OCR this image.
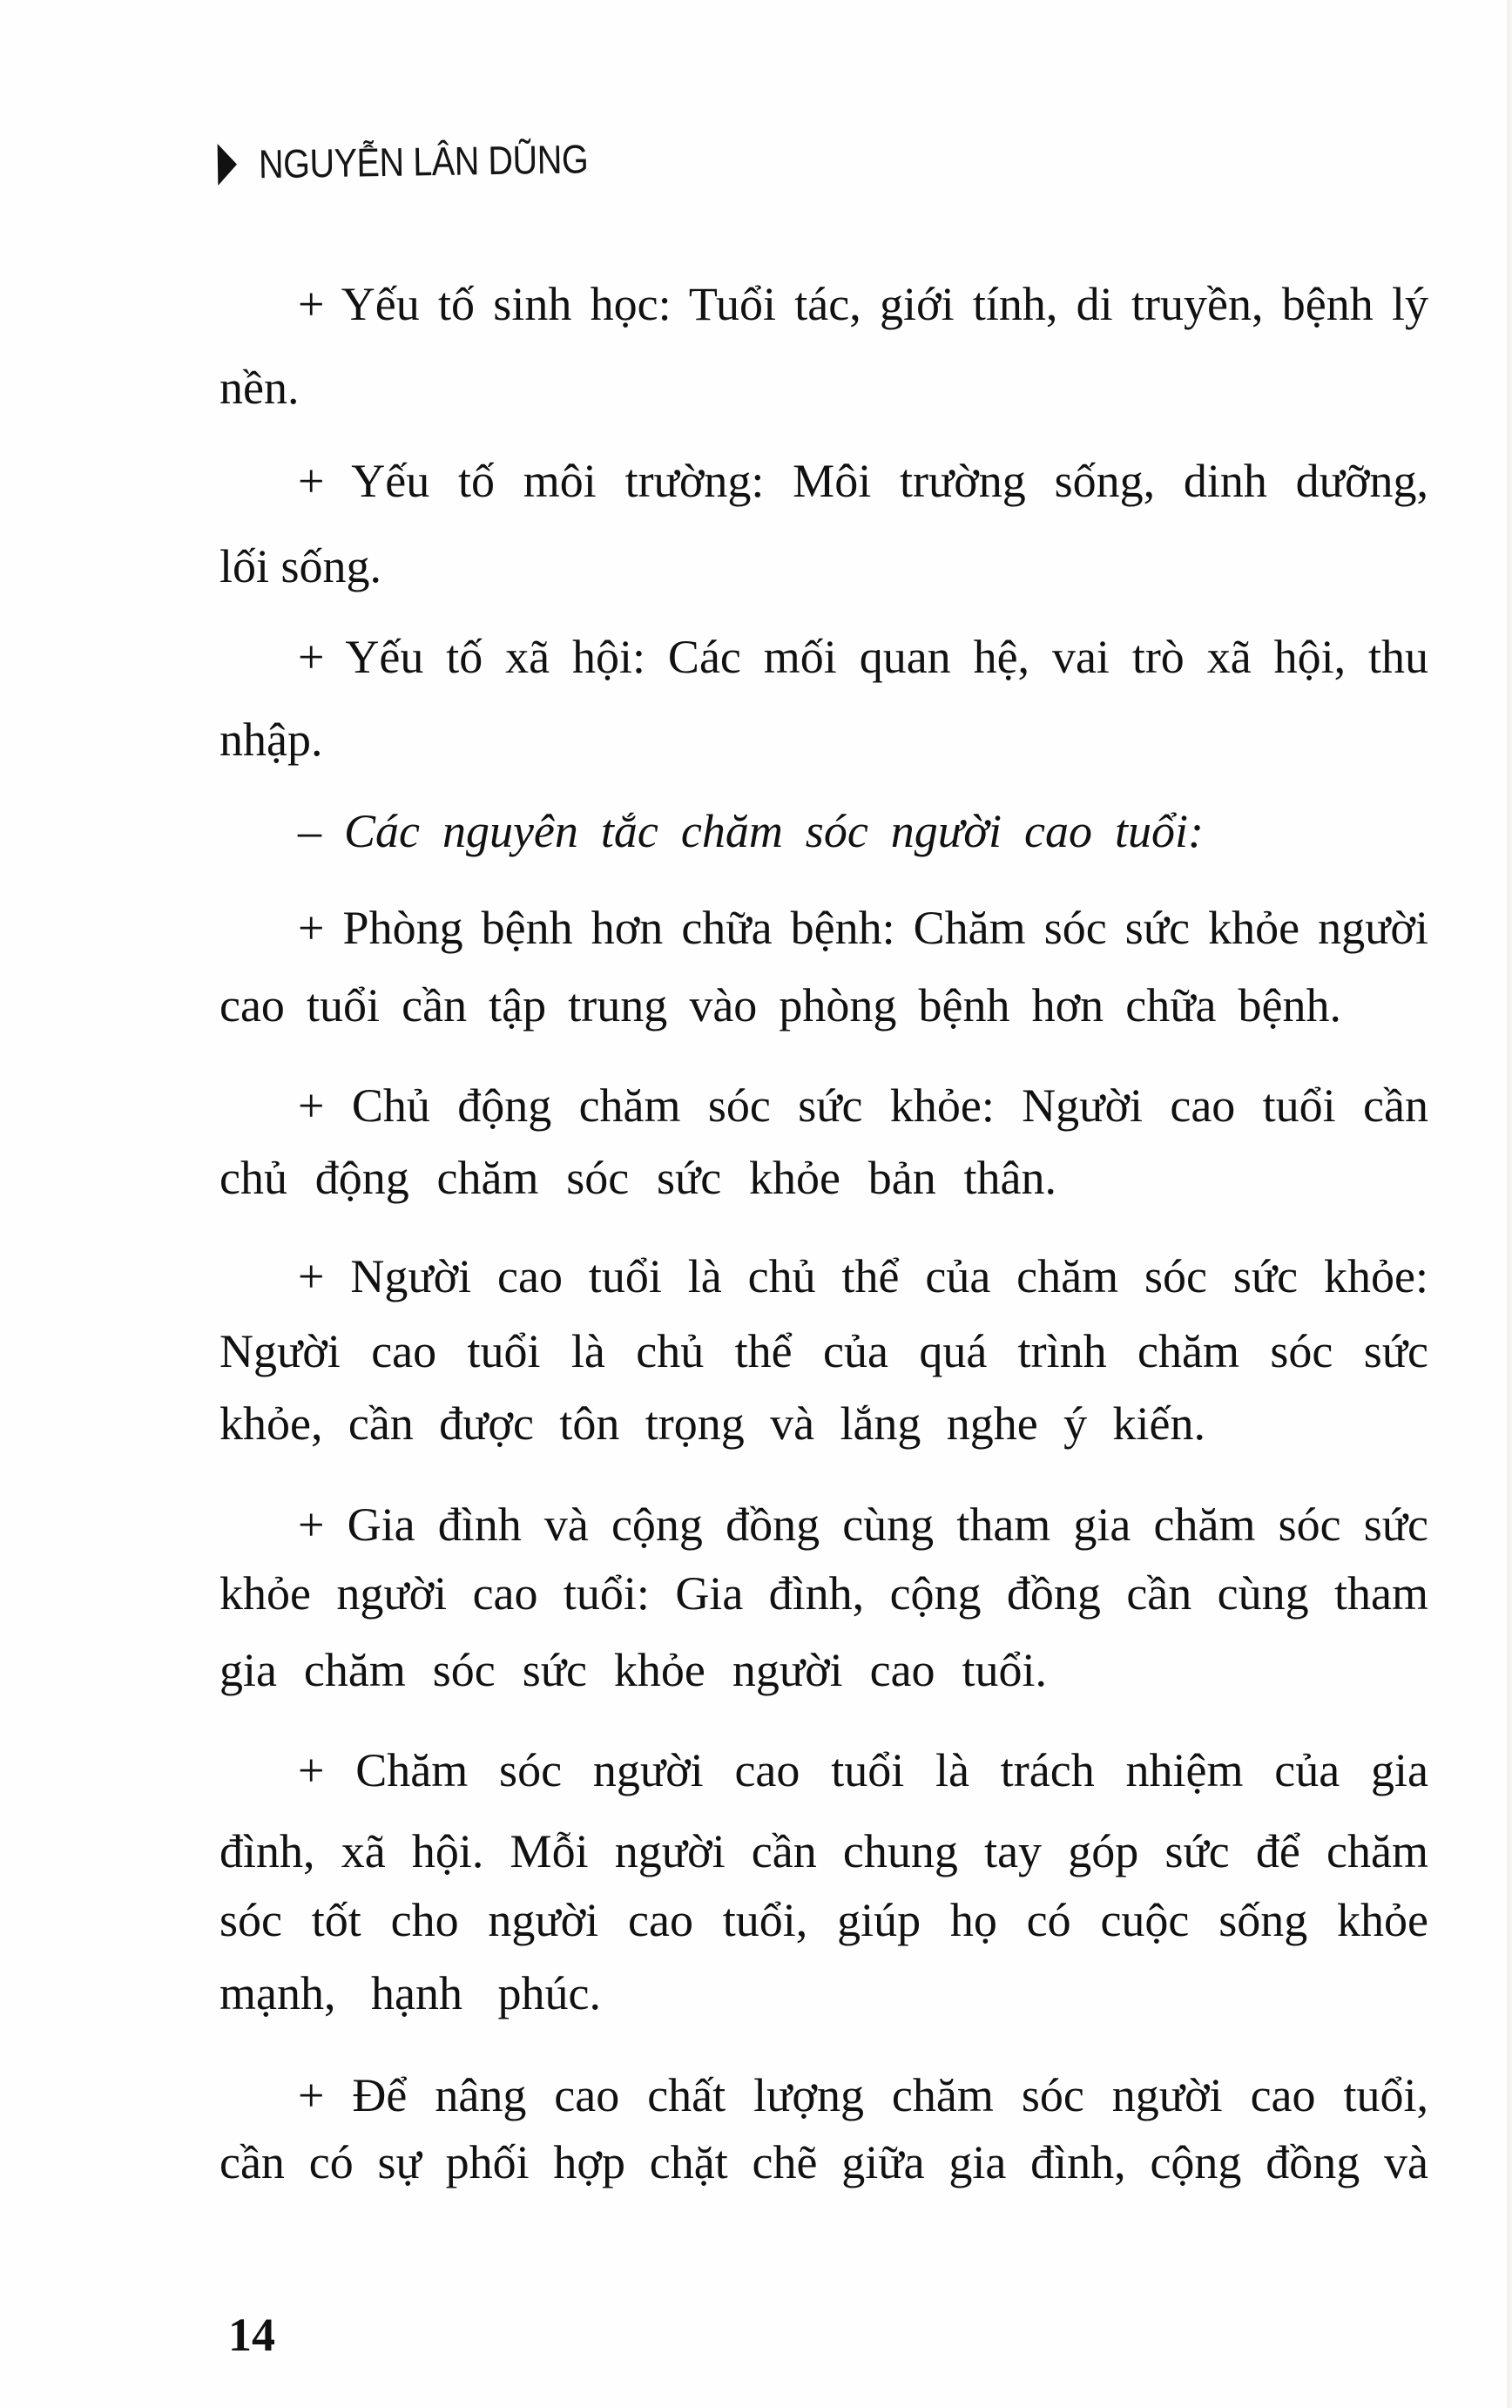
NGUYỄN LÂN DŨNG
+ Yếu tố sinh học: Tuổi tác, giới tính, di truyền, bệnh lý
nền.
+ Yếu tố môi trường: Môi trường sống, dinh dưỡng,
lối sống.
+ Yếu tố xã hội: Các mối quan hệ, vai trò xã hội, thu
nhập.
– Các nguyên tắc chăm sóc người cao tuổi:
+ Phòng bệnh hơn chữa bệnh: Chăm sóc sức khỏe người
cao tuổi cần tập trung vào phòng bệnh hơn chữa bệnh.
+ Chủ động chăm sóc sức khỏe: Người cao tuổi cần
chủ động chăm sóc sức khỏe bản thân.
+ Người cao tuổi là chủ thể của chăm sóc sức khỏe:
Người cao tuổi là chủ thể của quá trình chăm sóc sức
khỏe, cần được tôn trọng và lắng nghe ý kiến.
+ Gia đình và cộng đồng cùng tham gia chăm sóc sức
khỏe người cao tuổi: Gia đình, cộng đồng cần cùng tham
gia chăm sóc sức khỏe người cao tuổi.
+ Chăm sóc người cao tuổi là trách nhiệm của gia
đình, xã hội. Mỗi người cần chung tay góp sức để chăm
sóc tốt cho người cao tuổi, giúp họ có cuộc sống khỏe
mạnh, hạnh phúc.
+ Để nâng cao chất lượng chăm sóc người cao tuổi,
cần có sự phối hợp chặt chẽ giữa gia đình, cộng đồng và
14
